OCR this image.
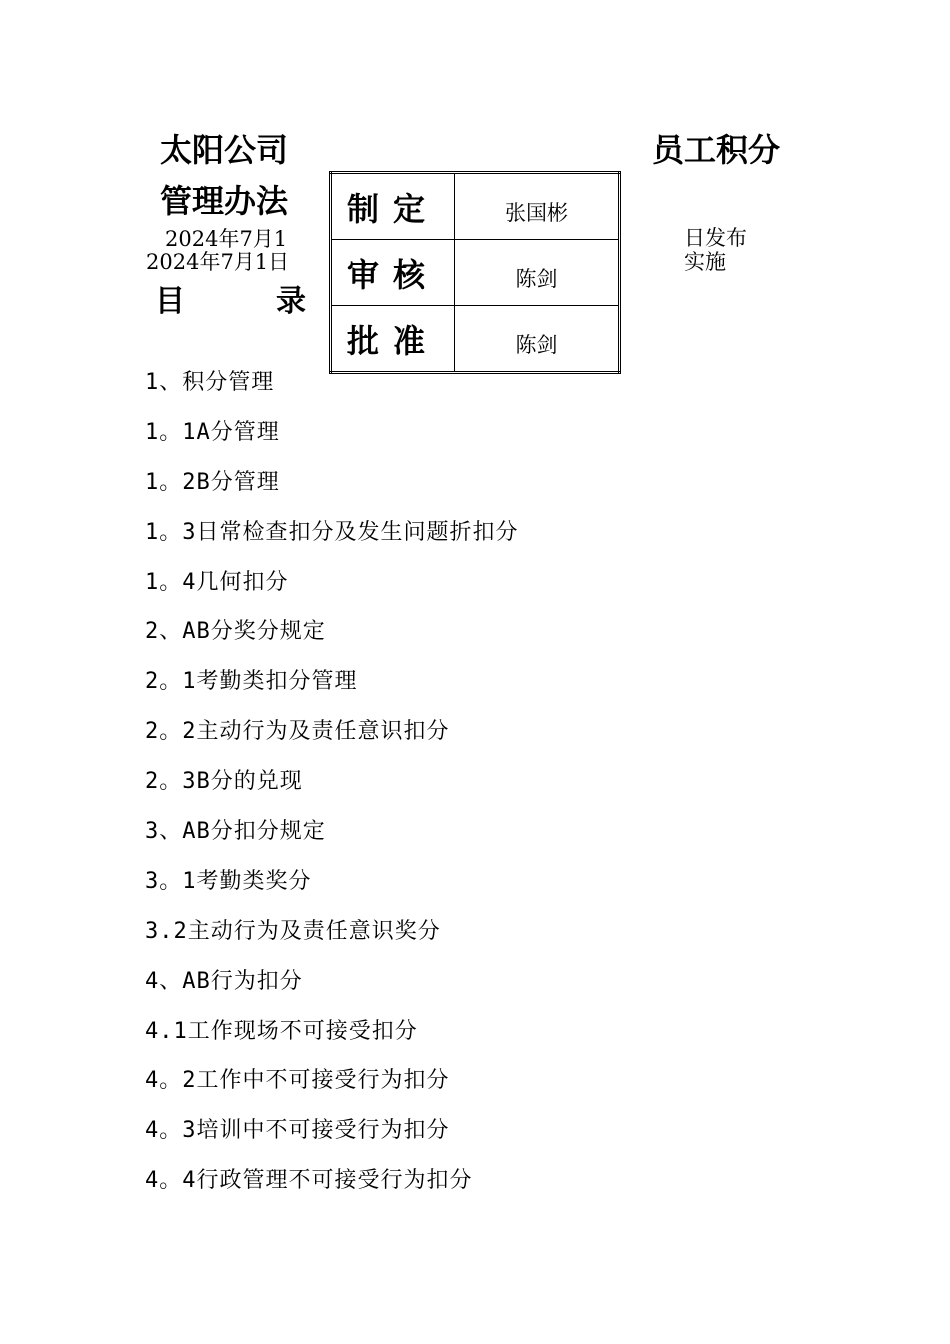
太阳公司	员工积分
管理办法
2024年7月1
2024年7月1日
目	录
日发布
实施
制定	张国彬
审核	陈剑
批准	陈剑
1、积分管理
1。1A分管理
1。2B分管理
1。3日常检查扣分及发生问题折扣分
1。4几何扣分
2、AB分奖分规定
2。1考勤类扣分管理
2。2主动行为及责任意识扣分
2。3B分的兑现
3、AB分扣分规定
3。1考勤类奖分
3.2主动行为及责任意识奖分
4、AB行为扣分
4.1工作现场不可接受扣分
4。2工作中不可接受行为扣分
4。3培训中不可接受行为扣分
4。4行政管理不可接受行为扣分
